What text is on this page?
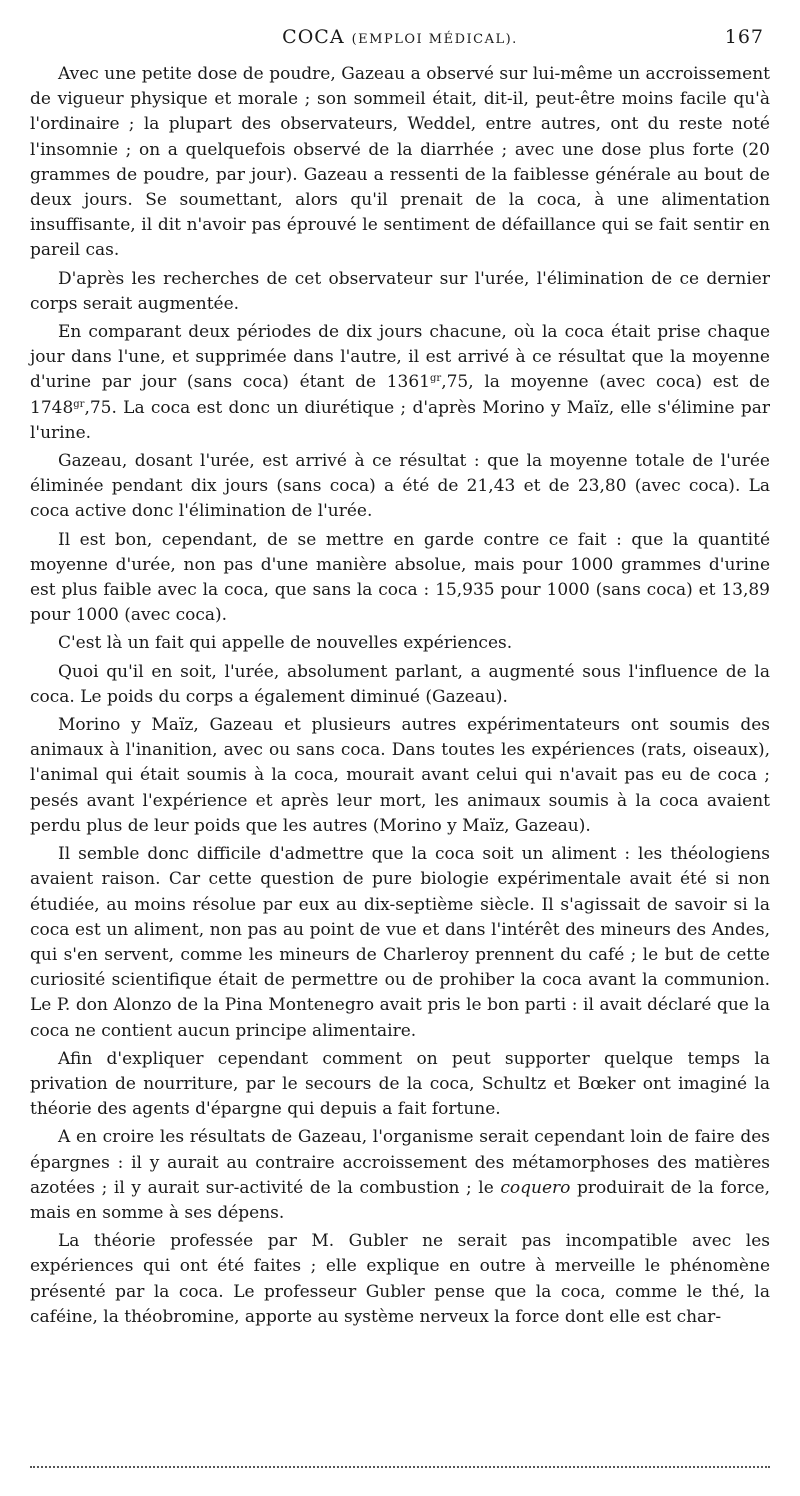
COCA (EMPLOI MÉDICAL).	167

Avec une petite dose de poudre, Gazeau a observé sur lui-même un accroissement de vigueur physique et morale ; son sommeil était, dit-il, peut-être moins facile qu'à l'ordinaire ; la plupart des observateurs, Weddel, entre autres, ont du reste noté l'insomnie ; on a quelquefois observé de la diarrhée ; avec une dose plus forte (20 grammes de poudre, par jour). Gazeau a ressenti de la faiblesse générale au bout de deux jours. Se soumettant, alors qu'il prenait de la coca, à une alimentation insuffisante, il dit n'avoir pas éprouvé le sentiment de défaillance qui se fait sentir en pareil cas.

D'après les recherches de cet observateur sur l'urée, l'élimination de ce dernier corps serait augmentée.

En comparant deux périodes de dix jours chacune, où la coca était prise chaque jour dans l'une, et supprimée dans l'autre, il est arrivé à ce résultat que la moyenne d'urine par jour (sans coca) étant de $1361^{gr},75$, la moyenne (avec coca) est de $1748^{gr},75$. La coca est donc un diurétique ; d'après Morino y Maïz, elle s'élimine par l'urine.

Gazeau, dosant l'urée, est arrivé à ce résultat : que la moyenne totale de l'urée éliminée pendant dix jours (sans coca) a été de 21,43 et de 23,80 (avec coca). La coca active donc l'élimination de l'urée.

Il est bon, cependant, de se mettre en garde contre ce fait : que la quantité moyenne d'urée, non pas d'une manière absolue, mais pour 1000 grammes d'urine est plus faible avec la coca, que sans la coca : 15,935 pour 1000 (sans coca) et 13,89 pour 1000 (avec coca).

C'est là un fait qui appelle de nouvelles expériences.

Quoi qu'il en soit, l'urée, absolument parlant, a augmenté sous l'influence de la coca. Le poids du corps a également diminué (Gazeau).

Morino y Maïz, Gazeau et plusieurs autres expérimentateurs ont soumis des animaux à l'inanition, avec ou sans coca. Dans toutes les expériences (rats, oiseaux), l'animal qui était soumis à la coca, mourait avant celui qui n'avait pas eu de coca ; pesés avant l'expérience et après leur mort, les animaux soumis à la coca avaient perdu plus de leur poids que les autres (Morino y Maïz, Gazeau).

Il semble donc difficile d'admettre que la coca soit un aliment : les théologiens avaient raison. Car cette question de pure biologie expérimentale avait été si non étudiée, au moins résolue par eux au dix-septième siècle. Il s'agissait de savoir si la coca est un aliment, non pas au point de vue et dans l'intérêt des mineurs des Andes, qui s'en servent, comme les mineurs de Charleroy prennent du café ; le but de cette curiosité scientifique était de permettre ou de prohiber la coca avant la communion. Le P. don Alonzo de la Pina Montenegro avait pris le bon parti : il avait déclaré que la coca ne contient aucun principe alimentaire.

Afin d'expliquer cependant comment on peut supporter quelque temps la privation de nourriture, par le secours de la coca, Schultz et Bœker ont imaginé la théorie des agents d'épargne qui depuis a fait fortune.

A en croire les résultats de Gazeau, l'organisme serait cependant loin de faire des épargnes : il y aurait au contraire accroissement des métamorphoses des matières azotées ; il y aurait sur-activité de la combustion ; le coquero produirait de la force, mais en somme à ses dépens.

La théorie professée par M. Gubler ne serait pas incompatible avec les expériences qui ont été faites ; elle explique en outre à merveille le phénomène présenté par la coca. Le professeur Gubler pense que la coca, comme le thé, la caféine, la théobromine, apporte au système nerveux la force dont elle est char-
